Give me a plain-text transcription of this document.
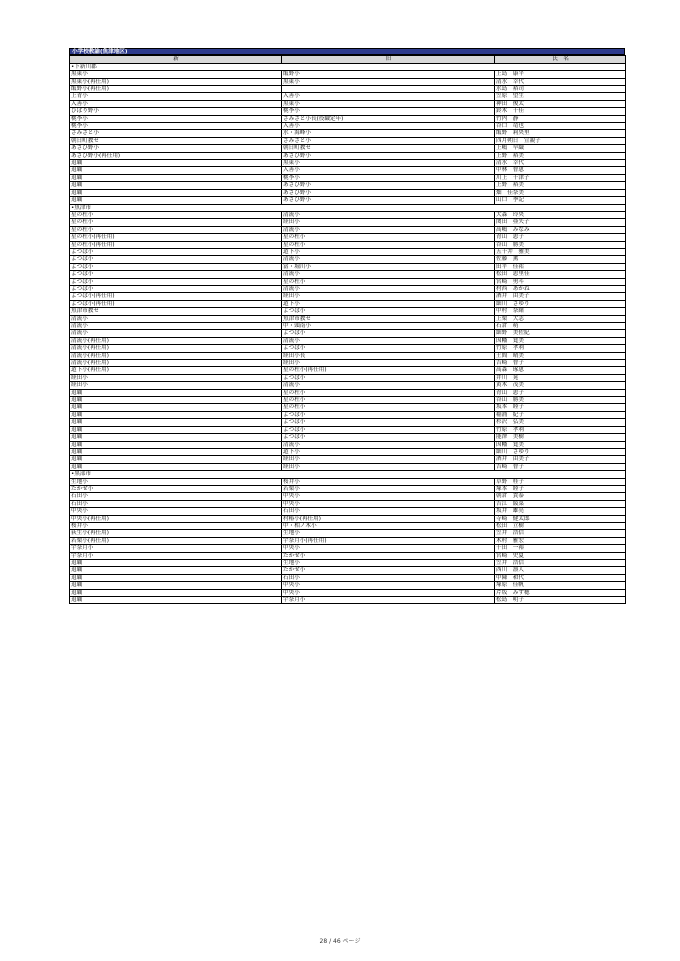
小学校教諭(魚津地区)
新	旧	氏　名
•下新川郡		
黒東小	飯野小	上島　康平
黒東小(再任用)	黒東小	清水　幸代
飯野小(再任用)		水島　裕司
上青小	入善小	笠原　望生
入善小	黒東小	神田　俊太
ひばり野小	桃李小	鈴木　千佳
桃李小	さみさと小長(役職定年)	竹内　静
桃李小	入善小	谷口　竜也
さみさと小	水・海峰小	飯野　莉央里
朝日町教セ	さみさと小	四月朔日　宣親子
あさひ野小	朝日町教セ	上嶋　早織
あさひ野小(再任用)	あさひ野小	上野　裕美
退職	黒東小	清水　幸代
退職	入善小	中林　智恵
退職	桃李小	川上　千津子
退職	あさひ野小	上野　裕美
退職	あさひ野小	畑　佳奈美
退職	あさひ野小	山口　季記
•魚津市		
星の杜小	清流小	大森　玲央
星の杜小	経田小	関田　亜矢子
星の杜小	清流小	高嶋　みなみ
星の杜小(再任用)	星の杜小	青山　恵子
星の杜小(再任用)	星の杜小	谷山　勝美
よつば小	道下小	五十井　雅美
よつば小	清流小	佐藤　薫
よつば小	富・堀川小	田平　佳祐
よつば小	清流小	松田　恵里佳
よつば小	星の杜小	宮崎　勇斗
よつば小	清流小	村西　あかね
よつば小(再任用)	経田小	酒井　由美子
よつば小(再任用)	道下小	細川　さゆり
魚津市教セ	よつば小	中村　奈緒
清流小	魚津市教セ	上栗　大志
清流小	中・頭南小	石倉　萌
清流小	よつば小	細野　美佐紀
清流小(再任用)	清流小	因幡　寛美
清流小(再任用)	よつば小	竹原　孝利
清流小(再任用)	経田小長	土間　晴美
清流小(再任用)	経田小	吉崎　智子
道下小(再任用)	星の杜小(再任用)	高森　琢恵
経田小	よつば小	井川　晃
経田小	清流小	黄木　茂美
退職	星の杜小	青山　恵子
退職	星の杜小	谷山　勝美
退職	星の杜小	坂本　睦子
退職	よつば小	稲浦　紀子
退職	よつば小	杉沢　弘美
退職	よつば小	竹原　孝利
退職	よつば小	能澤　美樹
退職	清流小	因幡　寛美
退職	道下小	細川　さゆり
退職	経田小	酒井　由美子
退職	経田小	吉崎　智子
•黒部市		
生地小	桜井小	草野　桂子
たかせ小	若栗小	塚本　睦子
石田小	中央小	朝倉　貴泰
石田小	中央小	吉江　綾菜
中央小	石田小	坂井　雄亮
中央小(再任用)	村椿小(再任用)	寺崎　健太郎
桜井小	中・相ノ木小	松田　立樹
荻生小(再任用)	生地小	笠井　浩信
若栗小(再任用)	宇奈月小(再任用)	木村　雅宏
宇奈月小	中央小	千田　一裕
宇奈月小	たかせ小	宮崎　史夏
退職	生地小	笠井　浩信
退職	たかせ小	西川　凛人
退職	石田小	中陳　和代
退職	中央小	塚原　佳帆
退職	中央小	芹坂　みず穂
退職	宇奈月小	松島　明子
28 / 46 ページ
